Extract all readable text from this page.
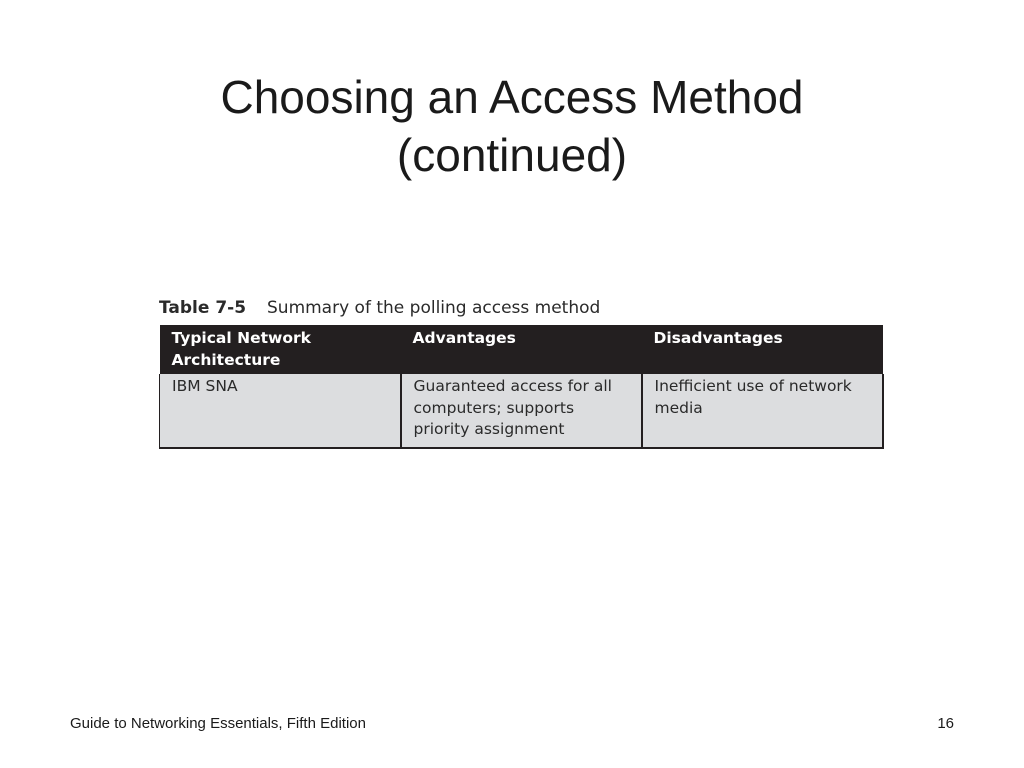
Choosing an Access Method
(continued)
Table 7-5 Summary of the polling access method
Typical Network Architecture	Advantages	Disadvantages
IBM SNA	Guaranteed access for all computers; supports priority assignment	Inefficient use of network media
Guide to Networking Essentials, Fifth Edition	16
